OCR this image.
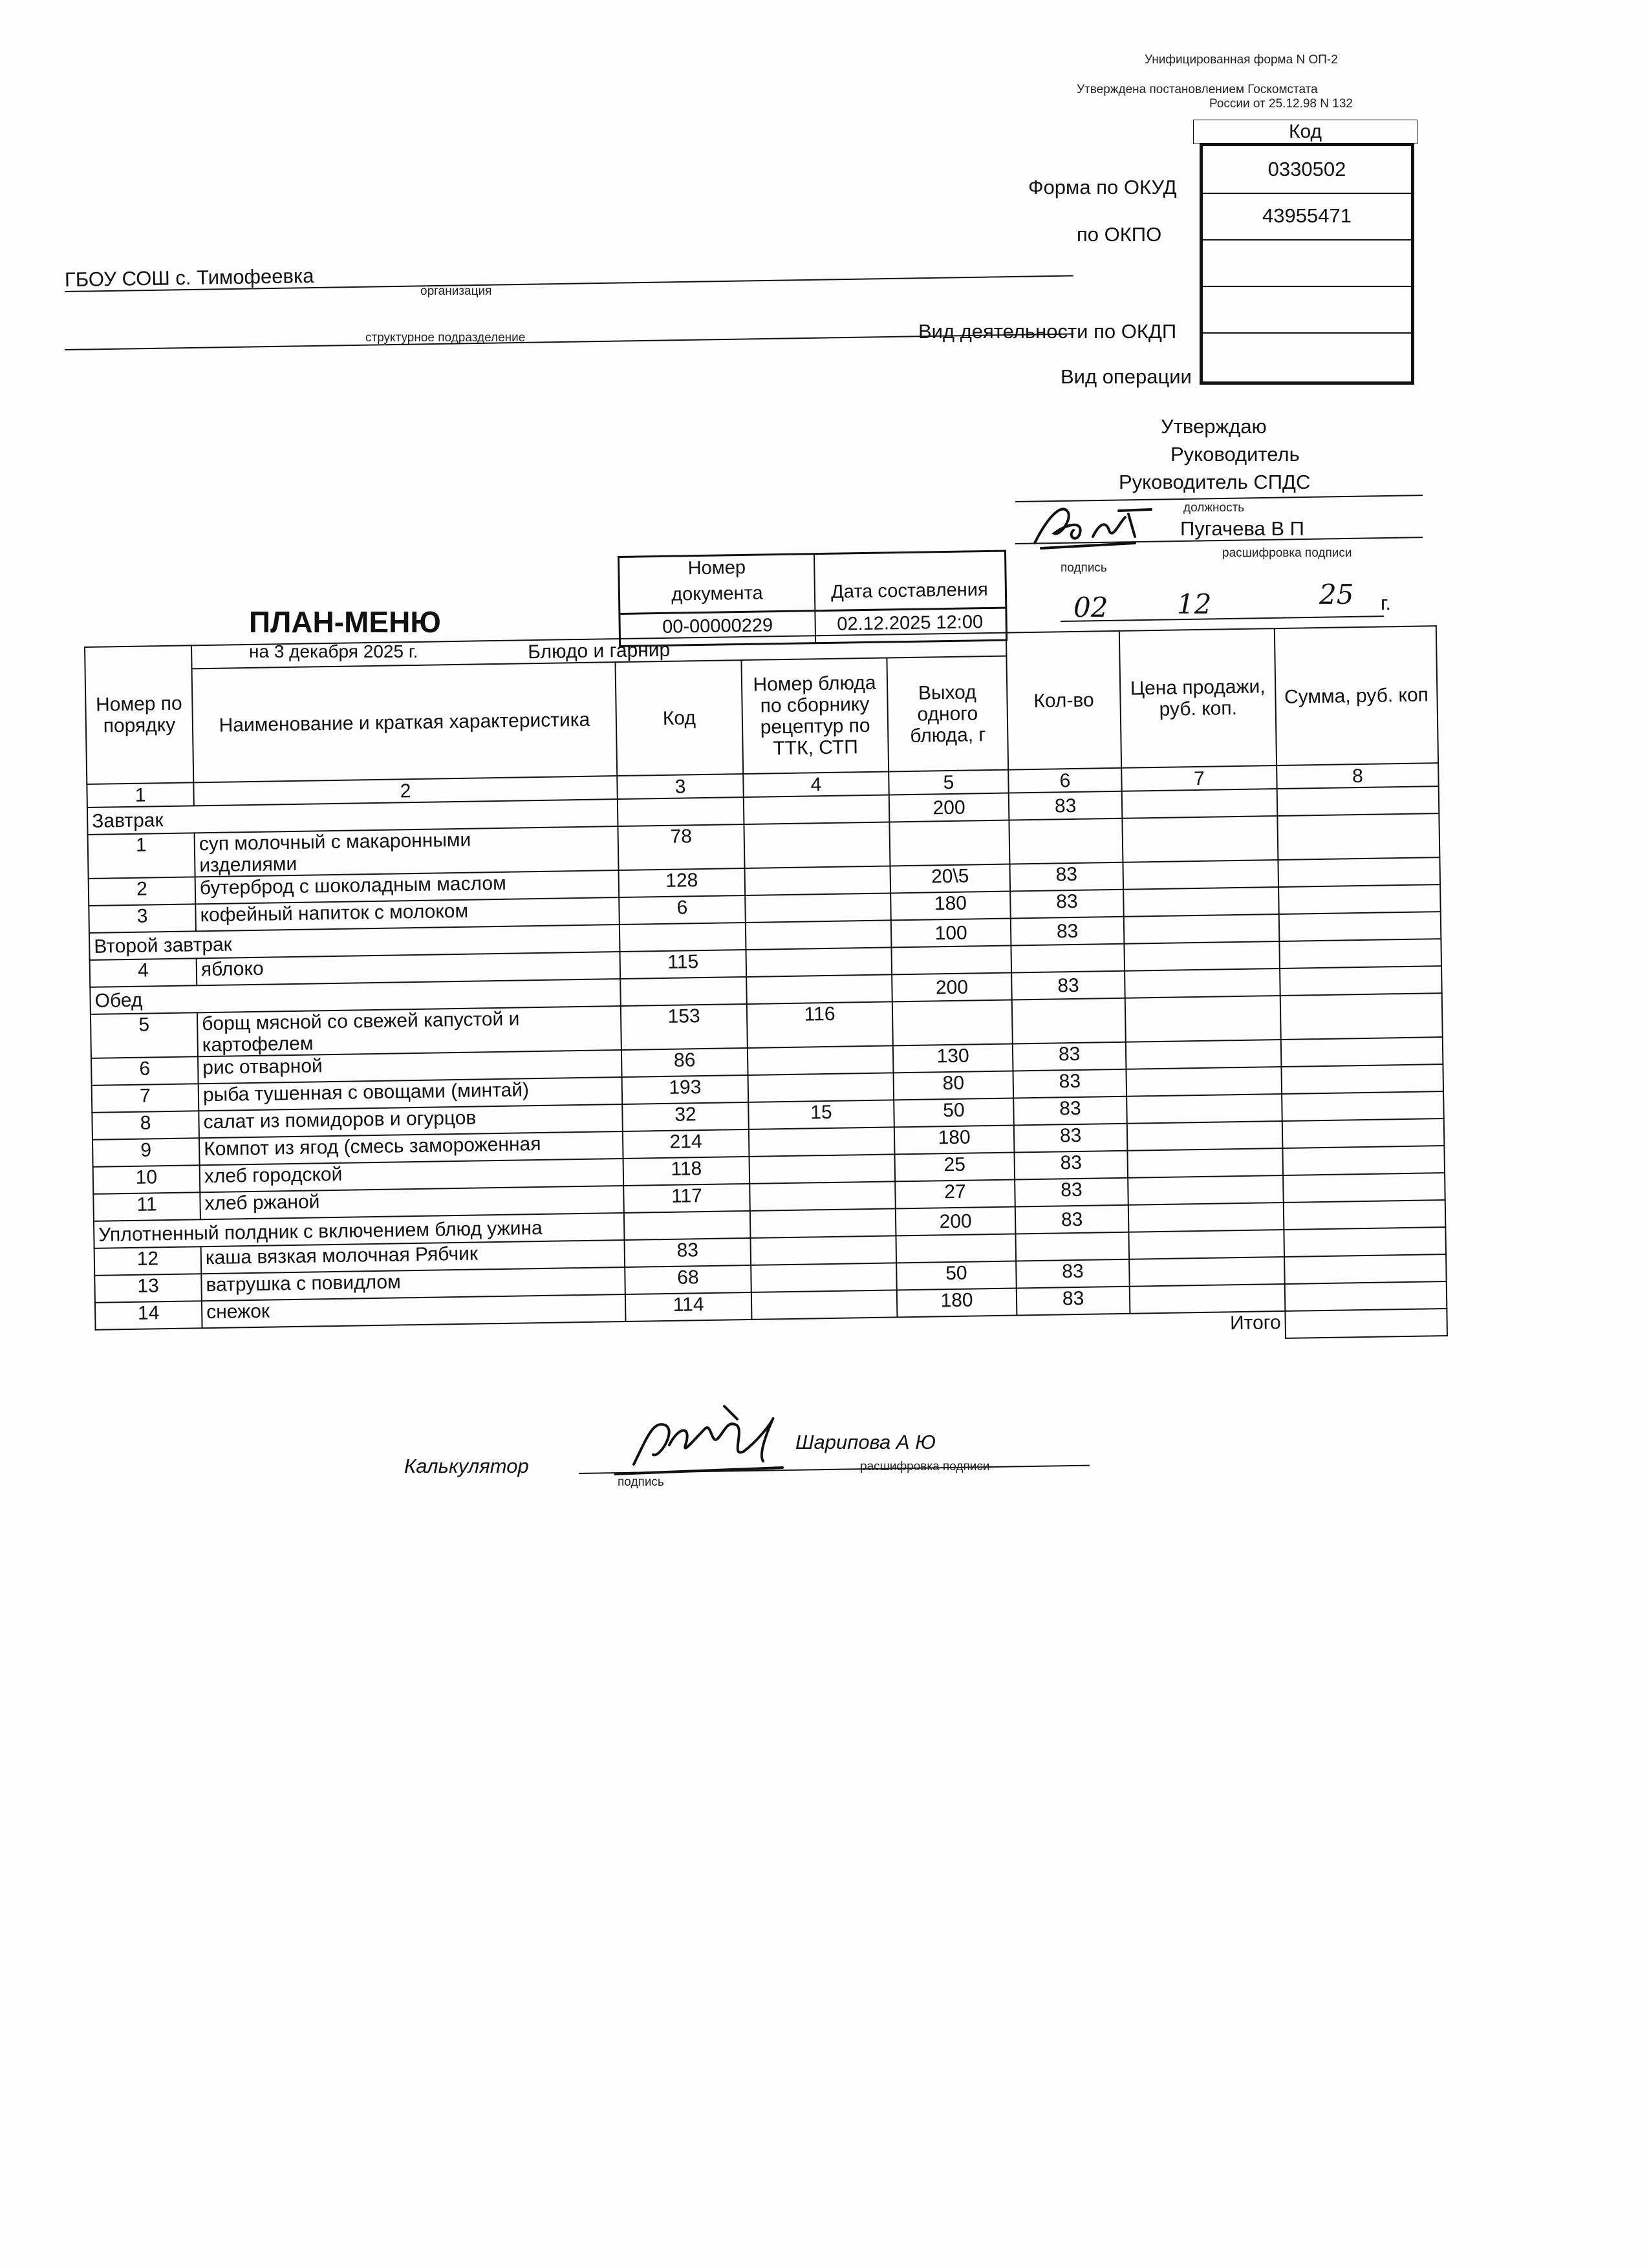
Унифицированная форма N ОП-2
Утверждена постановлением Госкомстата
России от 25.12.98 N 132
Код
0330502
43955471
Форма по ОКУД
по ОКПО
Вид деятельности по ОКДП
Вид операции
ГБОУ СОШ с. Тимофеевка
организация
структурное подразделение
Утверждаю
Руководитель
Руководитель СПДС
должность
Пугачева В П
подпись
расшифровка подписи
02	12	25 г.
ПЛАН-МЕНЮ
на 3 декабря 2025 г.
Номер
документа	Дата составления
00-00000229	02.12.2025 12:00
Номер по порядку	Блюдо и гарнир				Кол-во	Цена продажи, руб. коп.	Сумма, руб. коп
	Наименование и краткая характеристика	Код	Номер блюда по сборнику рецептур по ТТК, СТП	Выход одного блюда, г			
1	2	3	4	5	6	7	8
Завтрак				200	83		
1	суп молочный с макаронными
изделиями	78					
2	бутерброд с шоколадным маслом	128		20\5	83		
3	кофейный напиток с молоком	6		180	83		
Второй завтрак				100	83		
4	яблоко	115					
Обед				200	83		
5	борщ мясной со свежей капустой и
картофелем	153	116				
6	рис отварной	86		130	83		
7	рыба тушенная с овощами (минтай)	193		80	83		
8	салат из помидоров и огурцов	32	15	50	83		
9	Компот из ягод (смесь замороженная	214		180	83		
10	хлеб городской	118		25	83		
11	хлеб ржаной	117		27	83		
Уплотненный полдник с включением блюд ужина				200	83		
12	каша вязкая молочная Рябчик	83					
13	ватрушка с повидлом	68		50	83		
14	снежок	114		180	83		
Итого							
Калькулятор
Шарипова А Ю
подпись
расшифровка подписи
